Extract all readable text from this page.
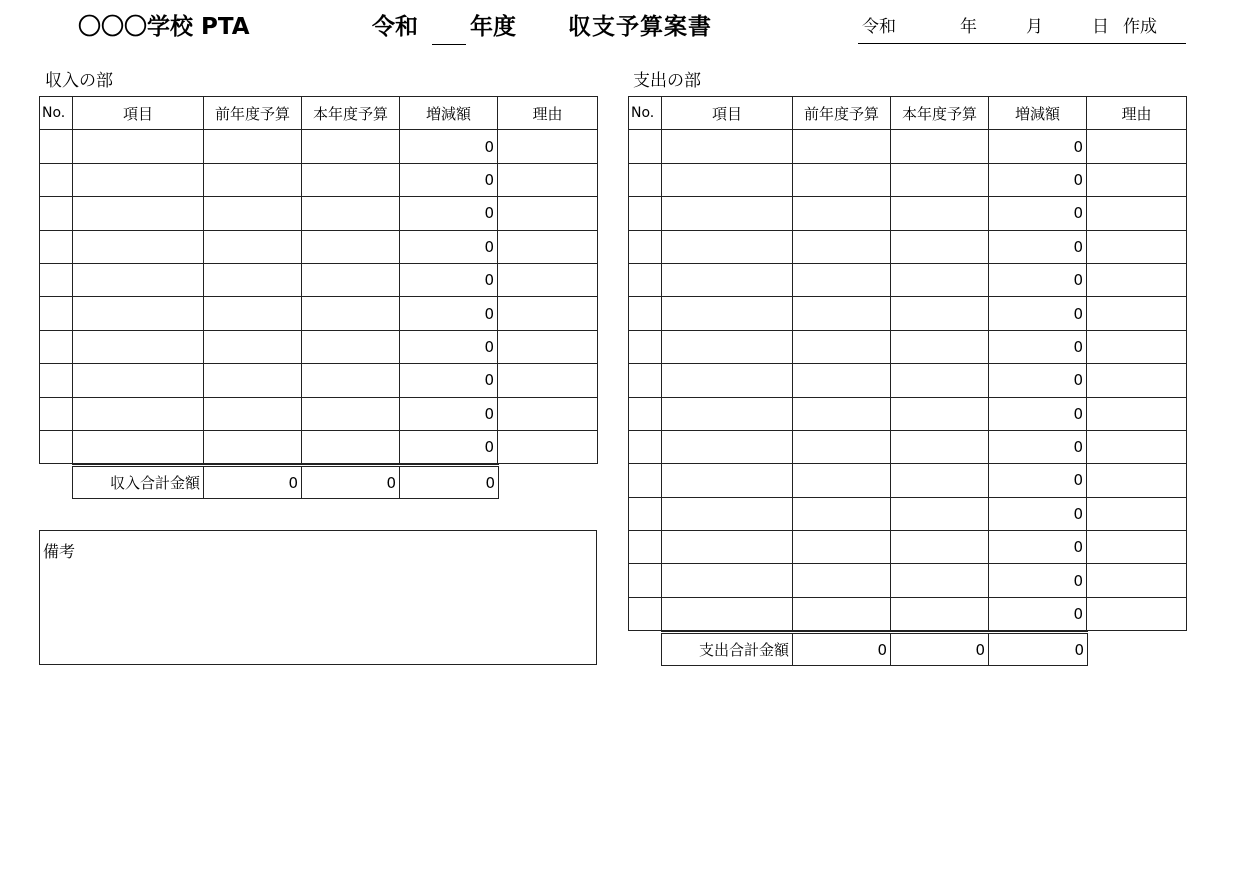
〇〇〇学校 PTA	令和 年度 収支予算案書	令和	年	月	日 作成
収入の部	支出の部
No.	項目	前年度予算	本年度予算	増減額	理由
				0	
				0	
				0	
				0	
				0	
				0	
				0	
				0	
				0	
				0	
収入合計金額	0	0	0
備考
No.	項目	前年度予算	本年度予算	増減額	理由
				0	
				0	
				0	
				0	
				0	
				0	
				0	
				0	
				0	
				0	
				0	
				0	
				0	
				0	
				0	
支出合計金額	0	0	0
